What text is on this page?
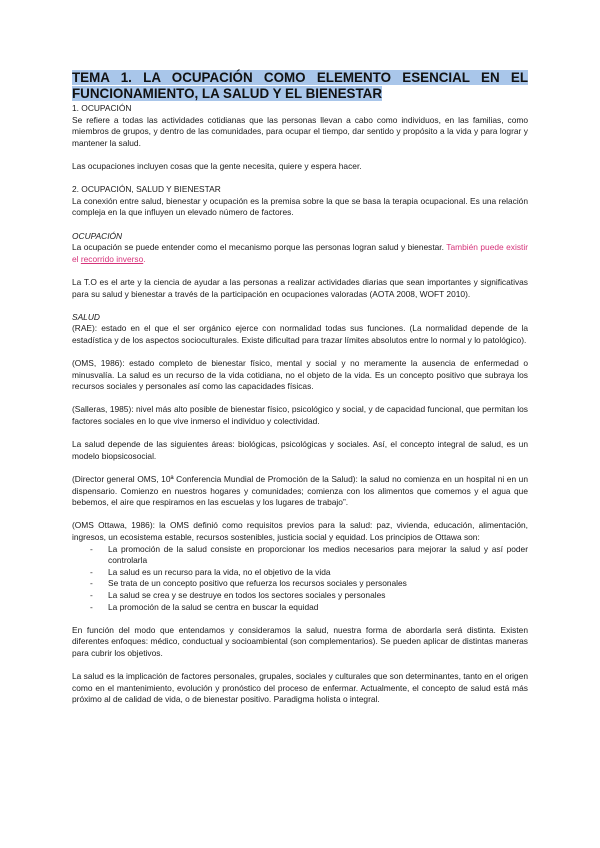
TEMA 1. LA OCUPACIÓN COMO ELEMENTO ESENCIAL EN EL FUNCIONAMIENTO, LA SALUD Y EL BIENESTAR

1. OCUPACIÓN

Se refiere a todas las actividades cotidianas que las personas llevan a cabo como individuos, en las familias, como miembros de grupos, y dentro de las comunidades, para ocupar el tiempo, dar sentido y propósito a la vida y para lograr y mantener la salud.

Las ocupaciones incluyen cosas que la gente necesita, quiere y espera hacer.

2. OCUPACIÓN, SALUD Y BIENESTAR

La conexión entre salud, bienestar y ocupación es la premisa sobre la que se basa la terapia ocupacional. Es una relación compleja en la que influyen un elevado número de factores.

OCUPACIÓN

La ocupación se puede entender como el mecanismo porque las personas logran salud y bienestar. También puede existir el recorrido inverso.

La T.O es el arte y la ciencia de ayudar a las personas a realizar actividades diarias que sean importantes y significativas para su salud y bienestar a través de la participación en ocupaciones valoradas (AOTA 2008, WOFT 2010).

SALUD

(RAE): estado en el que el ser orgánico ejerce con normalidad todas sus funciones. (La normalidad depende de la estadística y de los aspectos socioculturales. Existe dificultad para trazar límites absolutos entre lo normal y lo patológico).

(OMS, 1986): estado completo de bienestar físico, mental y social y no meramente la ausencia de enfermedad o minusvalía. La salud es un recurso de la vida cotidiana, no el objeto de la vida. Es un concepto positivo que subraya los recursos sociales y personales así como las capacidades físicas.

(Salleras, 1985): nivel más alto posible de bienestar físico, psicológico y social, y de capacidad funcional, que permitan los factores sociales en lo que vive inmerso el individuo y colectividad.

La salud depende de las siguientes áreas: biológicas, psicológicas y sociales. Así, el concepto integral de salud, es un modelo biopsicosocial.

(Director general OMS, 10ª Conferencia Mundial de Promoción de la Salud): la salud no comienza en un hospital ni en un dispensario. Comienzo en nuestros hogares y comunidades; comienza con los alimentos que comemos y el agua que bebemos, el aire que respiramos en las escuelas y los lugares de trabajo”.

(OMS Ottawa, 1986): la OMS definió como requisitos previos para la salud: paz, vivienda, educación, alimentación, ingresos, un ecosistema estable, recursos sostenibles, justicia social y equidad. Los principios de Ottawa son:

- La promoción de la salud consiste en proporcionar los medios necesarios para mejorar la salud y así poder controlarla
- La salud es un recurso para la vida, no el objetivo de la vida
- Se trata de un concepto positivo que refuerza los recursos sociales y personales
- La salud se crea y se destruye en todos los sectores sociales y personales
- La promoción de la salud se centra en buscar la equidad

En función del modo que entendamos y consideramos la salud, nuestra forma de abordarla será distinta. Existen diferentes enfoques: médico, conductual y socioambiental (son complementarios). Se pueden aplicar de distintas maneras para cubrir los objetivos.

La salud es la implicación de factores personales, grupales, sociales y culturales que son determinantes, tanto en el origen como en el mantenimiento, evolución y pronóstico del proceso de enfermar. Actualmente, el concepto de salud está más próximo al de calidad de vida, o de bienestar positivo. Paradigma holista o integral.
